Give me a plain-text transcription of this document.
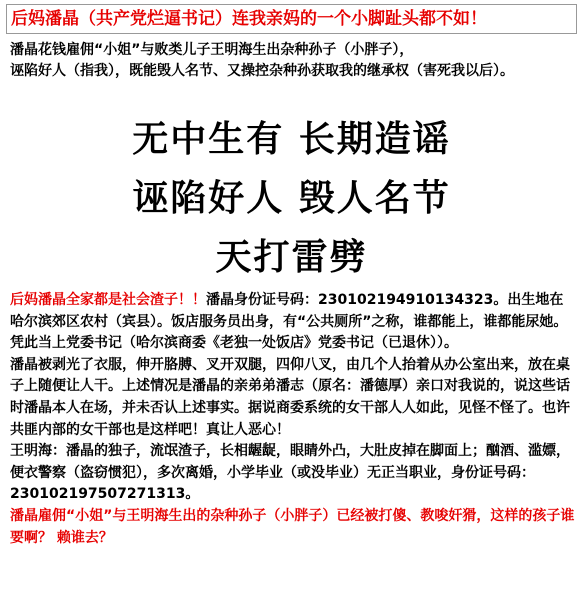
后妈潘晶（共产党烂逼书记）连我亲妈的一个小脚趾头都不如！
潘晶花钱雇佣“小姐”与败类儿子王明海生出杂种孙子（小胖子），
诬陷好人（指我），既能毁人名节、又操控杂种孙获取我的继承权（害死我以后）。
无中生有 长期造谣
诬陷好人 毁人名节
天打雷劈

后妈潘晶全家都是社会渣子！！潘晶身份证号码：230102194910134323。出生地在哈尔滨郊区农村（宾县）。饭店服务员出身，有“公共厕所”之称，谁都能上，谁都能尿她。凭此当上党委书记（哈尔滨商委《老独一处饭店》党委书记（已退休））。

潘晶被剥光了衣服，伸开胳膊、叉开双腿，四仰八叉，由几个人抬着从办公室出来，放在桌子上随便让人干。上述情况是潘晶的亲弟弟潘志（原名：潘德厚）亲口对我说的，说这些话时潘晶本人在场，并未否认上述事实。据说商委系统的女干部人人如此，见怪不怪了。也许共匪内部的女干部也是这样吧！真让人恶心！

王明海：潘晶的独子，流氓渣子，长相龌龊，眼睛外凸，大肚皮掉在脚面上；酗酒、滥嫖，便衣警察（盗窃惯犯），多次离婚，小学毕业（或没毕业）无正当职业，身份证号码：230102197507271313。

潘晶雇佣“小姐”与王明海生出的杂种孙子（小胖子）已经被打傻、教唆奸猾，这样的孩子谁要啊？ 赖谁去？
